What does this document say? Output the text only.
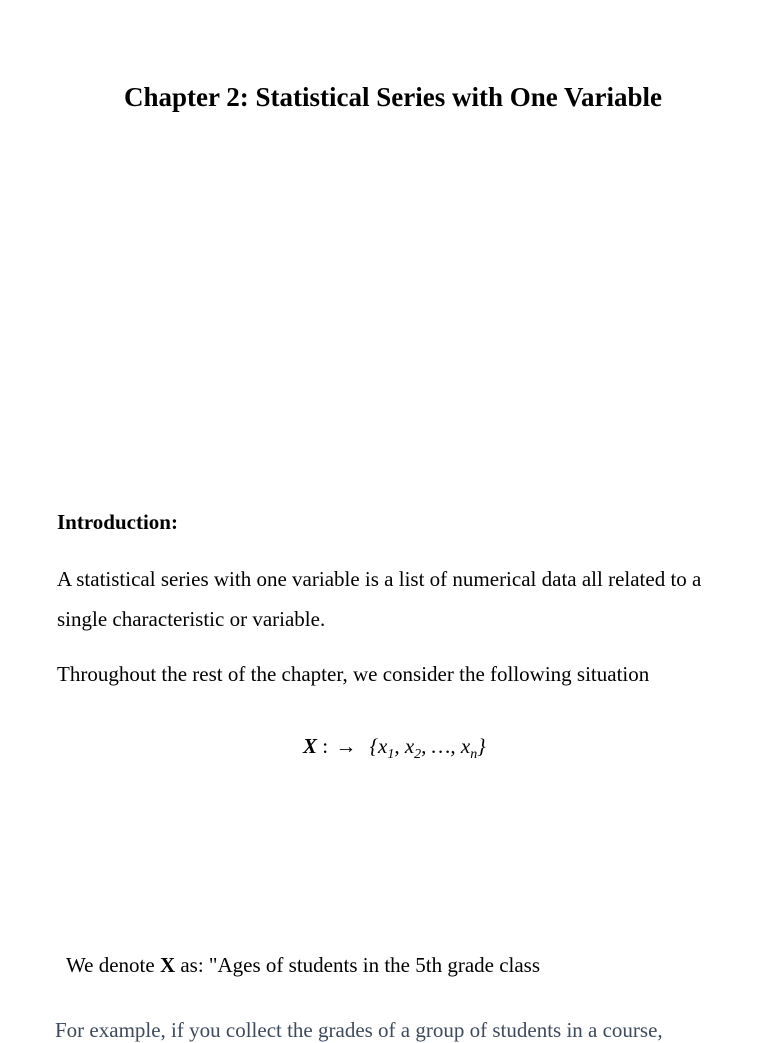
Chapter 2: Statistical Series with One Variable
Introduction:

A statistical series with one variable is a list of numerical data all related to a single characteristic or variable.

Throughout the rest of the chapter, we consider the following situation

X : → {$x_1$, $x_2$, …, $x_n$}

We denote X as: "Ages of students in the 5th grade class

For example, if you collect the grades of a group of students in a course,
